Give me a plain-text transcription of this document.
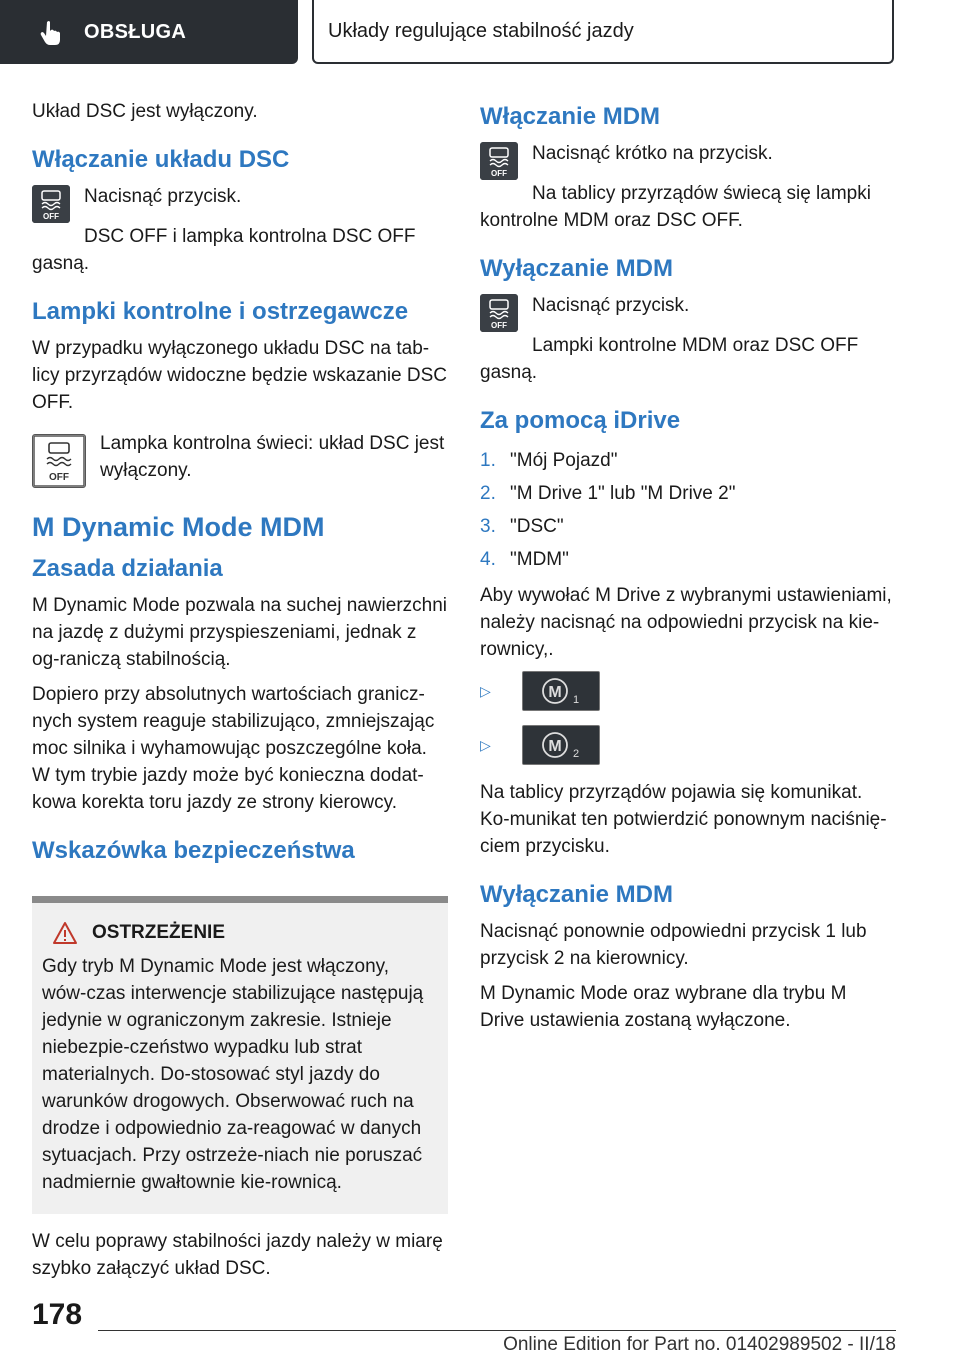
OBSŁUGA	Układy regulujące stabilność jazdy

Układ DSC jest wyłączony.

Włączanie układu DSC
OFF

Nacisnąć przycisk.

DSC OFF i lampka kontrolna DSC OFF gasną.

Lampki kontrolne i ostrzegawcze

W przypadku wyłączonego układu DSC na tab-licy przyrządów widoczne będzie wskazanie DSC OFF.

OFF

Lampka kontrolna świeci: układ DSC jest wyłączony.

M Dynamic Mode MDM
Zasada działania

M Dynamic Mode pozwala na suchej nawierzchni na jazdę z dużymi przyspieszeniami, jednak z og-raniczą stabilnością.

Dopiero przy absolutnych wartościach granicz-nych system reaguje stabilizująco, zmniejszając moc silnika i wyhamowując poszczególne koła. W tym trybie jazdy może być konieczna dodat-kowa korekta toru jazdy ze strony kierowcy.

Wskazówka bezpieczeństwa
OSTRZEŻENIE

Gdy tryb M Dynamic Mode jest włączony, wów-czas interwencje stabilizujące następują jedynie w ograniczonym zakresie. Istnieje niebezpie-czeństwo wypadku lub strat materialnych. Do-stosować styl jazdy do warunków drogowych. Obserwować ruch na drodze i odpowiednio za-reagować w danych sytuacjach. Przy ostrzeże-niach nie poruszać nadmiernie gwałtownie kie-rownicą.

W celu poprawy stabilności jazdy należy w miarę szybko załączyć układ DSC.

Włączanie MDM
OFF

Nacisnąć krótko na przycisk.

Na tablicy przyrządów świecą się lampki kontrolne MDM oraz DSC OFF.

Wyłączanie MDM
OFF

Nacisnąć przycisk.

Lampki kontrolne MDM oraz DSC OFF gasną.

Za pomocą iDrive
1. "Mój Pojazd"
2. "M Drive 1" lub "M Drive 2"
3. "DSC"
4. "MDM"

Aby wywołać M Drive z wybranymi ustawieniami, należy nacisnąć na odpowiedni przycisk na kie-rownicy,.

▷	M 1
▷	M 2

Na tablicy przyrządów pojawia się komunikat. Ko-munikat ten potwierdzić ponownym naciśnię-ciem przycisku.

Wyłączanie MDM

Nacisnąć ponownie odpowiedni przycisk 1 lub przycisk 2 na kierownicy.

M Dynamic Mode oraz wybrane dla trybu M Drive ustawienia zostaną wyłączone.

178
Online Edition for Part no. 01402989502 - II/18
